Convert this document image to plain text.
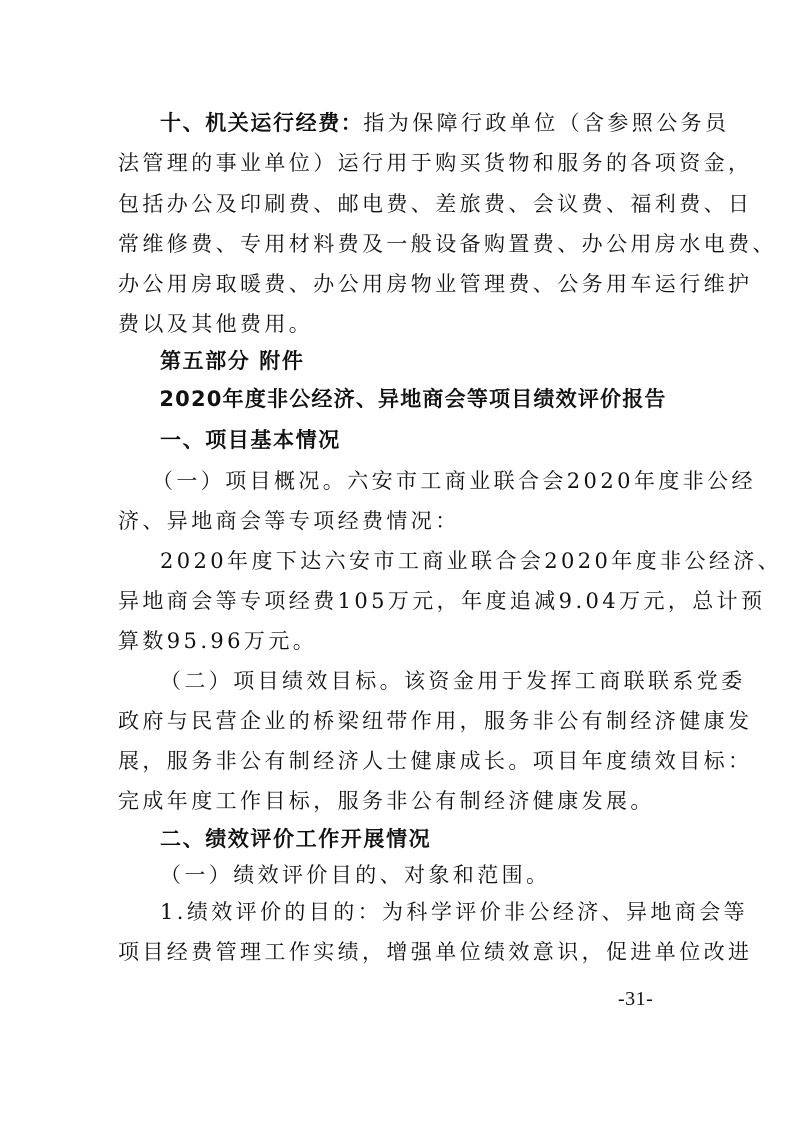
十、机关运行经费：指为保障行政单位（含参照公务员
法管理的事业单位）运行用于购买货物和服务的各项资金，
包括办公及印刷费、邮电费、差旅费、会议费、福利费、日
常维修费、专用材料费及一般设备购置费、办公用房水电费、
办公用房取暖费、办公用房物业管理费、公务用车运行维护
费以及其他费用。
第五部分 附件
2020年度非公经济、异地商会等项目绩效评价报告
一、项目基本情况
（一）项目概况。六安市工商业联合会2020年度非公经
济、异地商会等专项经费情况：
2020年度下达六安市工商业联合会2020年度非公经济、
异地商会等专项经费105万元，年度追减9.04万元，总计预
算数95.96万元。
（二）项目绩效目标。该资金用于发挥工商联联系党委
政府与民营企业的桥梁纽带作用，服务非公有制经济健康发
展，服务非公有制经济人士健康成长。项目年度绩效目标：
完成年度工作目标，服务非公有制经济健康发展。
二、绩效评价工作开展情况
（一）绩效评价目的、对象和范围。
1.绩效评价的目的：为科学评价非公经济、异地商会等
项目经费管理工作实绩，增强单位绩效意识，促进单位改进
-31-
